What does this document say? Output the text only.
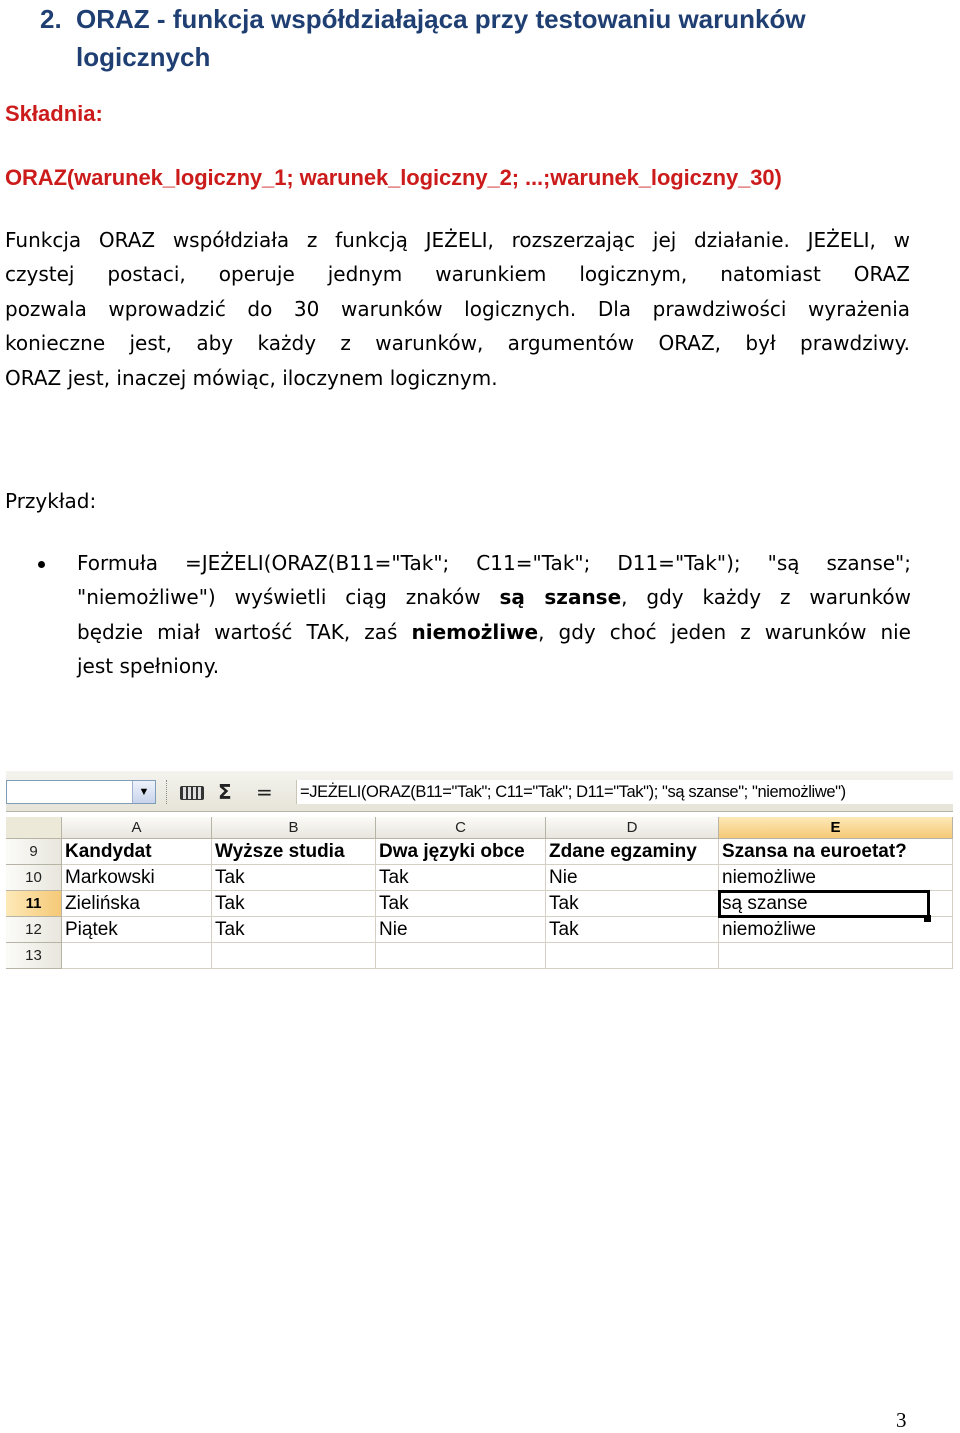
2. ORAZ - funkcja współdziałająca przy testowaniu warunków
logicznych
Składnia:
ORAZ(warunek_logiczny_1; warunek_logiczny_2; ...;warunek_logiczny_30)
Funkcja ORAZ współdziała z funkcją JEŻELI, rozszerzając jej działanie. JEŻELI, w
czystej postaci, operuje jednym warunkiem logicznym, natomiast ORAZ
pozwala wprowadzić do 30 warunków logicznych. Dla prawdziwości wyrażenia
konieczne jest, aby każdy z warunków, argumentów ORAZ, był prawdziwy.
ORAZ jest, inaczej mówiąc, iloczynem logicznym.
Przykład:
Formuła =JEŻELI(ORAZ(B11="Tak"; C11="Tak"; D11="Tak"); "są szanse";
"niemożliwe") wyświetli ciąg znaków są szanse, gdy każdy z warunków
będzie miał wartość TAK, zaś niemożliwe, gdy choć jeden z warunków nie
jest spełniony.
▼	Σ = =JEŻELI(ORAZ(B11="Tak"; C11="Tak"; D11="Tak"); "są szanse"; "niemożliwe")
A	B	C	D	E
9	Kandydat	Wyższe studia	Dwa języki obce	Zdane egzaminy	Szansa na euroetat?
10	Markowski	Tak	Tak	Nie	niemożliwe
11	Zielińska	Tak	Tak	Tak	są szanse
12	Piątek	Tak	Nie	Tak	niemożliwe
13
3
